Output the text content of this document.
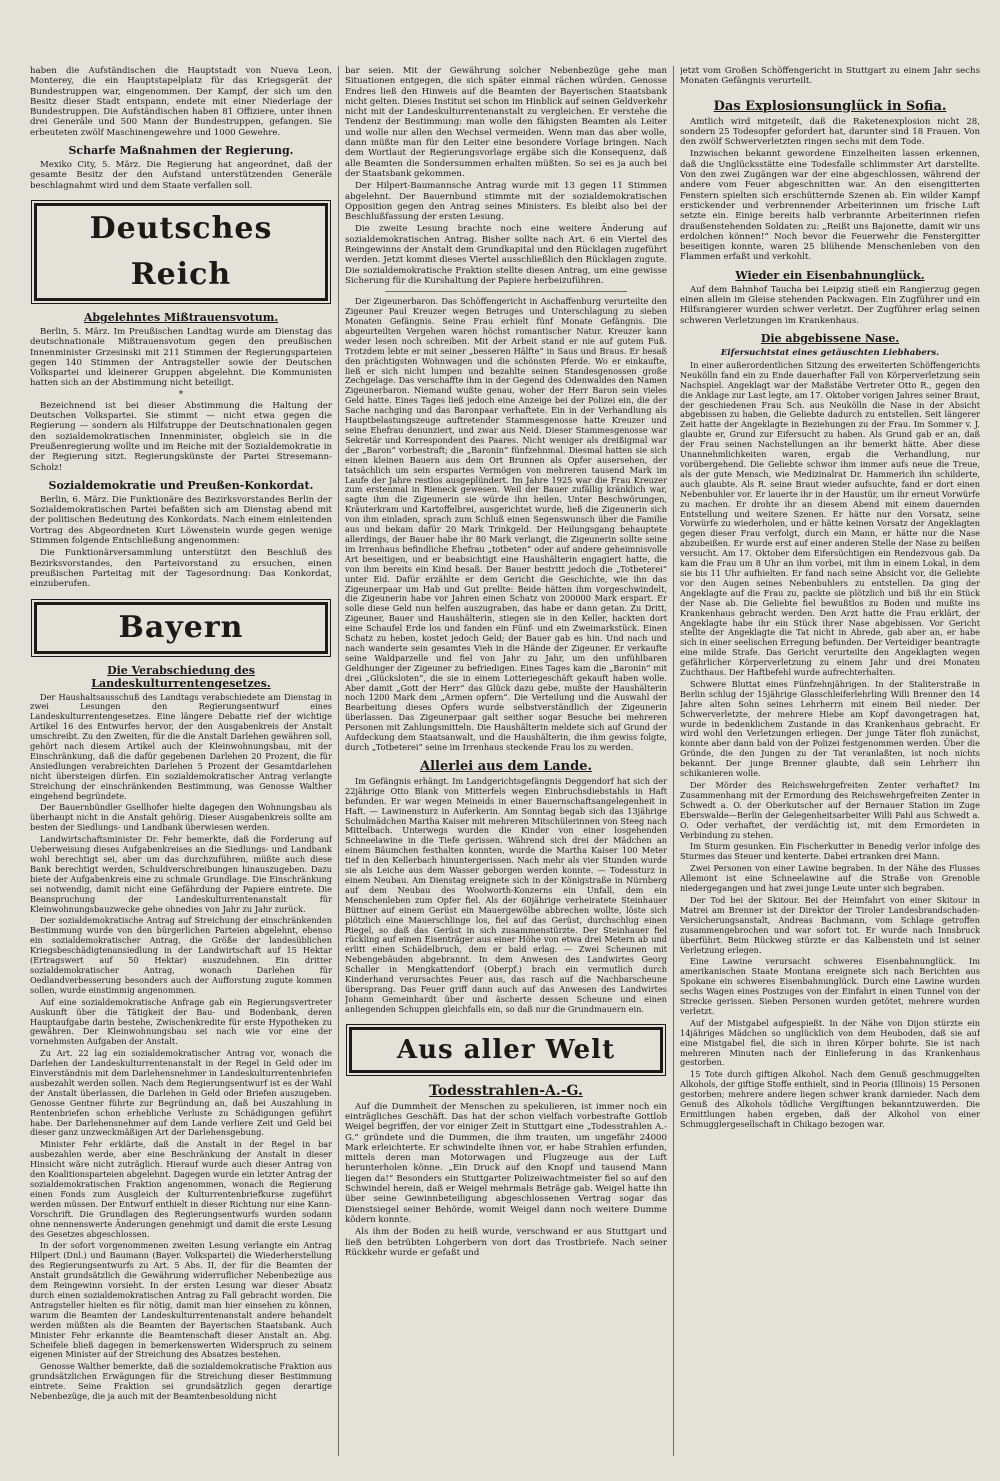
haben die Aufständischen die Hauptstadt von Nueva Leon, Monterey, die ein Hauptstapelplatz für das Kriegsgerät der Bundestruppen war, eingenommen. Der Kampf, der sich um den Besitz dieser Stadt entspann, endete mit einer Niederlage der Bundestruppen. Die Aufständischen haben 81 Offiziere, unter ihnen drei Generäle und 500 Mann der Bundestruppen, gefangen. Sie erbeuteten zwölf Maschinengewehre und 1000 Gewehre.

Scharfe Maßnahmen der Regierung.

Mexiko City, 5. März. Die Regierung hat angeordnet, daß der gesamte Besitz der den Aufstand unterstützenden Generäle beschlagnahmt wird und dem Staate verfallen soll.

Deutsches Reich
Abgelehntes Mißtrauensvotum.

Berlin, 5. März. Im Preußischen Landtag wurde am Dienstag das deutschnationale Mißtrauensvotum gegen den preußischen Innenminister Grzesinski mit 211 Stimmen der Regierungsparteien gegen 140 Stimmen der Antragsteller sowie der Deutschen Volkspartei und kleinerer Gruppen abgelehnt. Die Kommunisten hatten sich an der Abstimmung nicht beteiligt.

*

Bezeichnend ist bei dieser Abstimmung die Haltung der Deutschen Volkspartei. Sie stimmt — nicht etwa gegen die Regierung — sondern als Hilfstruppe der Deutschnationalen gegen den sozialdemokratischen Innenminister, obgleich sie in die Preußenregierung wollte und im Reiche mit der Sozialdemokratie in der Regierung sitzt. Regierungskünste der Partei Stresemann-Scholz!

Sozialdemokratie und Preußen-Konkordat.

Berlin, 6. März. Die Funktionäre des Bezirksvorstandes Berlin der Sozialdemokratischen Partei befaßten sich am Dienstag abend mit der politischen Bedeutung des Konkordats. Nach einem einleitenden Vortrag des Abgeordneten Kurt Löwenstein wurde gegen wenige Stimmen folgende Entschließung angenommen:

Die Funktionärversammlung unterstützt den Beschluß des Bezirksvorstandes, den Parteivorstand zu ersuchen, einen preußischen Parteitag mit der Tagesordnung: Das Konkordat, einzuberufen.

Bayern
Die Verabschiedung des Landeskulturrentengesetzes.

Der Haushaltsausschuß des Landtags verabschiedete am Dienstag in zwei Lesungen den Regierungsentwurf eines Landeskulturrentengesetzes. Eine längere Debatte rief der wichtige Artikel 16 des Entwurfes hervor, der den Ausgabenkreis der Anstalt umschreibt. Zu den Zweiten, für die die Anstalt Darlehen gewähren soll, gehört nach diesem Artikel auch der Kleinwohnungsbau, mit der Einschränkung, daß die dafür gegebenen Darlehen 20 Prozent, die für Ansiedlungen verabreichten Darlehen 5 Prozent der Gesamtdarlehen nicht übersteigen dürfen. Ein sozialdemokratischer Antrag verlangte Streichung der einschränkenden Bestimmung, was Genosse Walther eingehend begründete.

Der Bauernbündler Gsellhofer hielte dagegen den Wohnungsbau als überhaupt nicht in die Anstalt gehörig. Dieser Ausgabenkreis sollte am besten der Siedlungs- und Landbank überwiesen werden.

Landwirtschaftsminister Dr. Fehr bemerkte, daß die Forderung auf Ueberweisung dieses Aufgabenkreises an die Siedlungs- und Landbank wohl berechtigt sei, aber um das durchzuführen, müßte auch diese Bank berechtigt werden, Schuldverschreibungen hinauszugeben. Dazu biete der Aufgabenkreis eine zu schmale Grundlage. Die Einschränkung sei notwendig, damit nicht eine Gefährdung der Papiere eintrete. Die Beanspruchung der Landeskulturrentenanstalt für Kleinwohnungsbauzwecke gehe ohnedies von Jahr zu Jahr zurück.

Der sozialdemokratische Antrag auf Streichung der einschränkenden Bestimmung wurde von den bürgerlichen Parteien abgelehnt, ebenso ein sozialdemokratischer Antrag, die Größe der landesüblichen Kriegsbeschädigtenansiedlung in der Landwirtschaft auf 15 Hektar (Ertragswert auf 50 Hektar) auszudehnen. Ein dritter sozialdemokratischer Antrag, wonach Darlehen für Oedlandverbesserung besonders auch der Aufforstung zugute kommen sollen, wurde einstimmig angenommen.

Auf eine sozialdemokratische Anfrage gab ein Regierungsvertreter Auskunft über die Tätigkeit der Bau- und Bodenbank, deren Hauptaufgabe darin bestehe, Zwischenkredite für erste Hypotheken zu gewähren. Der Kleinwohnungsbau sei nach wie vor eine der vornehmsten Aufgaben der Anstalt.

Zu Art. 22 lag ein sozialdemokratischer Antrag vor, wonach die Darlehen der Landeskulturrentenanstalt in der Regel in Geld oder im Einverständnis mit dem Darlehensnehmer in Landeskulturrentenbriefen ausbezahlt werden sollen. Nach dem Regierungsentwurf ist es der Wahl der Anstalt überlassen, die Darlehen in Geld oder Briefen auszugeben. Genosse Gentner führte zur Begründung an, daß bei Auszahlung in Rentenbriefen schon erhebliche Verluste zu Schädigungen geführt habe. Der Darlehensnehmer auf dem Lande verliere Zeit und Geld bei dieser ganz unzweckmäßigen Art der Darlehensgebung.

Minister Fehr erklärte, daß die Anstalt in der Regel in bar ausbezahlen werde, aber eine Beschränkung der Anstalt in dieser Hinsicht wäre nicht zuträglich. Hierauf wurde auch dieser Antrag von den Koalitionsparteien abgelehnt. Dagegen wurde ein letzter Antrag der sozialdemokratischen Fraktion angenommen, wonach die Regierung einen Fonds zum Ausgleich der Kulturrentenbriefkurse zugeführt werden müssen. Der Entwurf enthielt in dieser Richtung nur eine Kann-Vorschrift. Die Grundlagen des Regierungsentwurfs wurden sodann ohne nennenswerte Änderungen genehmigt und damit die erste Lesung des Gesetzes abgeschlossen.

In der sofort vorgenommenen zweiten Lesung verlangte ein Antrag Hilpert (Dnl.) und Baumann (Bayer. Volkspartei) die Wiederherstellung des Regierungsentwurfs zu Art. 5 Abs. II, der für die Beamten der Anstalt grundsätzlich die Gewährung widerruflicher Nebenbezüge aus dem Reingewinn vorsieht. In der ersten Lesung war dieser Absatz durch einen sozialdemokratischen Antrag zu Fall gebracht worden. Die Antragsteller hielten es für nötig, damit man hier einsehen zu können, warum die Beamten der Landeskulturrentenanstalt andere behandelt werden müßten als die Beamten der Bayerischen Staatsbank. Auch Minister Fehr erkannte die Beamtenschaft dieser Anstalt an. Abg. Scheifele bließ dagegen in bemerkenswerten Widerspruch zu seinem eigenen Minister auf der Streichung des Absatzes bestehen.

Genosse Walther bemerkte, daß die sozialdemokratische Fraktion aus grundsätzlichen Erwägungen für die Streichung dieser Bestimmung eintrete. Seine Fraktion sei grundsätzlich gegen derartige Nebenbezüge, die ja auch mit der Beamtenbesoldung nicht

bar seien. Mit der Gewährung solcher Nebenbezüge gehe man Situationen entgegen, die sich später einmal rächen würden. Genosse Endres ließ den Hinweis auf die Beamten der Bayerischen Staatsbank nicht gelten. Dieses Institut sei schon im Hinblick auf seinen Geldverkehr nicht mit der Landeskulturrentenanstalt zu vergleichen. Er verstehe die Tendenz der Bestimmung: man wolle den fähigsten Beamten als Leiter und wolle nur allen den Wechsel vermeiden. Wenn man das aber wolle, dann müßte man für den Leiter eine besondere Vorlage bringen. Nach dem Wortlaut der Regierungsvorlage ergäbe sich die Konsequenz, daß alle Beamten die Sondersummen erhalten müßten. So sei es ja auch bei der Staatsbank gekommen.

Der Hilpert-Baumannsche Antrag wurde mit 13 gegen 11 Stimmen abgelehnt. Der Bauernbund stimmte mit der sozialdemokratischen Opposition gegen den Antrag seines Ministers. Es bleibt also bei der Beschlußfassung der ersten Lesung.

Die zweite Lesung brachte noch eine weitere Änderung auf sozialdemokratischen Antrag. Bisher sollte nach Art. 6 ein Viertel des Reingewinns der Anstalt dem Grundkapital und den Rücklagen zugeführt werden. Jetzt kommt dieses Viertel ausschließlich den Rücklagen zugute. Die sozialdemokratische Fraktion stellte diesen Antrag, um eine gewisse Sicherung für die Kurshaltung der Papiere herbeizuführen.

Der Zigeunerbaron. Das Schöffengericht in Aschaffenburg verurteilte den Zigeuner Paul Kreuzer wegen Betruges und Unterschlagung zu sieben Monaten Gefängnis. Seine Frau erhielt fünf Monate Gefängnis. Die abgeurteilten Vergehen waren höchst romantischer Natur. Kreuzer kann weder lesen noch schreiben. Mit der Arbeit stand er nie auf gutem Fuß. Trotzdem lebte er mit seiner „besseren Hälfte“ in Saus und Braus. Er besaß den prächtigsten Wohnwagen und die schönsten Pferde. Wo er einkaufte, ließ er sich nicht lumpen und bezahlte seinen Standesgenossen große Zechgelage. Das verschaffte ihm in der Gegend des Odenwaldes den Namen Zigeunerbaron. Niemand wußte genau, woher der Herr Baron sein vieles Geld hatte. Eines Tages ließ jedoch eine Anzeige bei der Polizei ein, die der Sache nachging und das Baronpaar verhaftete. Ein in der Verhandlung als Hauptbelastungszeuge auftretender Stammesgenosse hatte Kreuzer und seine Ehefrau denunziert, und zwar aus Neid. Dieser Stammesgenosse war Sekretär und Korrespondent des Paares. Nicht weniger als dreißigmal war der „Baron“ vorbestraft; die „Baronin“ fünfzehnmal. Diesmal hatten sie sich einen kleinen Bauern aus dem Ort Brunnen als Opfer ausersehen, der tatsächlich um sein erspartes Vermögen von mehreren tausend Mark im Laufe der Jahre restlos ausgeplündert. Im Jahre 1925 war die Frau Kreuzer zum erstenmal in Rieneck gewesen. Weil der Bauer zufällig kränklich war, sagte ihm die Zigeunerin sie würde ihn heilen. Unter Beschwörungen, Kräuterkram und Kartoffelbrei, ausgerichtet wurde, ließ die Zigeunerin sich von ihm einladen, sprach zum Schluß einen Segenswunsch über die Familie aus und bekam dafür 20 Mark Trinkgeld. Der Heilungsgang behauptete allerdings, der Bauer habe ihr 80 Mark verlangt, die Zigeunerin sollte seine im Irrenhaus befindliche Ehefrau „totbeten“ oder auf andere geheimnisvolle Art beseitigen, und er beabsichtigt eine Haushälterin engagiert hatte, die von ihm bereits ein Kind besaß. Der Bauer bestritt jedoch die „Totbeterei“ unter Eid. Dafür erzählte er dem Gericht die Geschichte, wie ihn das Zigeunerpaar um Hab und Gut prellte: Beide hätten ihm vorgeschwindelt, die Zigeunerin habe vor Jahren einen Schatz von 200000 Mark erspart. Er solle diese Geld nun helfen auszugraben, das habe er dann getan. Zu Dritt, Zigeuner, Bauer und Haushälterin, stiegen sie in den Keller, hackten dort eine Schaufel Erde los und fanden ein Fünf- und ein Zweimarkstück. Einen Schatz zu heben, kostet jedoch Geld; der Bauer gab es hin. Und nach und nach wanderte sein gesamtes Vieh in die Hände der Zigeuner. Er verkaufte seine Waldparzelle und fiel von Jahr zu Jahr, um den unfühlbaren Geldhunger der Zigeuner zu befriedigen. Eines Tages kam die „Baronin“ mit drei „Glücksloten“, die sie in einem Lotteriegeschäft gekauft haben wolle. Aber damit „Gott der Herr“ das Glück dazu gebe, mußte der Haushälterin noch 1200 Mark dem „Armen opfern“. Die Verteilung und die Auswahl der Bearbeitung dieses Opfers wurde selbstverständlich der Zigeunerin überlassen. Das Zigeunerpaar galt seither sogar Besuche bei mehreren Personen mit Zahlungsmitteln. Die Haushälterin meldete sich auf Grund der Aufdeckung dem Staatsanwalt, und die Haushälterin, die ihm gewiss folgte, durch „Totbeterei“ seine im Irrenhaus steckende Frau los zu werden.

Allerlei aus dem Lande.

Im Gefängnis erhängt. Im Landgerichtsgefängnis Deggendorf hat sich der 22jährige Otto Blank von Mitterfels wegen Einbruchsdiebstahls in Haft befunden. Er war wegen Meineids in einer Bauernschaftsangelegenheit in Haft. — Lawinensturz in Auferkerin. Am Sonntag begab sich das 13jährige Schulmädchen Martha Kaiser mit mehreren Mitschülerinnen von Steeg nach Mittelbach. Unterwegs wurden die Kinder von einer losgehenden Schneelawine in die Tiefe gerissen. Während sich drei der Mädchen an einem Bäumchen festhalten konnten, wurde die Martha Kaiser 100 Meter tief in den Kellerbach hinuntergerissen. Nach mehr als vier Stunden wurde sie als Leiche aus dem Wasser geborgen werden konnte. — Todessturz in einem Neubau. Am Dienstag ereignete sich in der Königstraße in Nürnberg auf dem Neubau des Woolworth-Konzerns ein Unfall, dem ein Menschenleben zum Opfer fiel. Als der 60jährige verheiratete Steinhauer Büttner auf einem Gerüst ein Mauergewölbe abbrechen wollte, löste sich plötzlich eine Mauerschlinge los, fiel auf das Gerüst, durchschlug einen Riegel, so daß das Gerüst in sich zusammenstürzte. Der Steinhauer fiel rückling auf einen Eisenträger aus einer Höhe von etwa drei Metern ab und erlitt einen Schädelbruch, dem er bald erlag. — Zwei Scheunen mit Nebengebäuden abgebrannt. In dem Anwesen des Landwirtes Georg Schaller in Mengkattendorf (Oberpf.) brach ein vermutlich durch Kinderhand verursachtes Feuer aus, das rasch auf die Nachbarscheune übersprang. Das Feuer griff dann auch auf das Anwesen des Landwirtes Johann Gemeinhardt über und äscherte dessen Scheune und einen anliegenden Schuppen gleichfalls ein, so daß nur die Grundmauern ein.

Aus aller Welt
Todesstrahlen-A.-G.

Auf die Dummheit der Menschen zu spekulieren, ist immer noch ein einträgliches Geschäft. Das hat der schon vielfach vorbestrafte Gottlob Weigel begriffen, der vor einiger Zeit in Stuttgart eine „Todesstrahlen A.-G.“ gründete und die Dummen, die ihm trauten, um ungefähr 24000 Mark erleichterte. Er schwindelte ihnen vor, er habe Strahlen erfunden, mittels deren man Motorwagen und Flugzeuge aus der Luft herunterholen könne. „Ein Druck auf den Knopf und tausend Mann liegen da!“ Besonders ein Stuttgarter Polizeiwachtmeister fiel so auf den Schwindel herein, daß er Weigel mehrmals Beträge gab. Weigel hatte ihn über seine Gewinnbeteiligung abgeschlossenen Vertrag sogar das Dienstsiegel seiner Behörde, womit Weigel dann noch weitere Dumme ködern konnte.

Als ihm der Boden zu heiß wurde, verschwand er aus Stuttgart und ließ den betrübten Lohgerbern von dort das Trostbriefe. Nach seiner Rückkehr wurde er gefaßt und

jetzt vom Großen Schöffengericht in Stuttgart zu einem Jahr sechs Monaten Gefängnis verurteilt.

Das Explosionsunglück in Sofia.

Amtlich wird mitgeteilt, daß die Raketenexplosion nicht 28, sondern 25 Todesopfer gefordert hat, darunter sind 18 Frauen. Von den zwölf Schwerverletzten ringen sechs mit dem Tode.

Inzwischen bekannt gewordene Einzelheiten lassen erkennen, daß die Unglücksstätte eine Todesfalle schlimmster Art darstellte. Von den zwei Zugängen war der eine abgeschlossen, während der andere vom Feuer abgeschnitten war. An den eisengitterten Fenstern spielten sich erschütternde Szenen ab. Ein wilder Kampf erstickender und verbrennender Arbeiterinnen um frische Luft setzte ein. Einige bereits halb verbrannte Arbeiterinnen riefen draußenstehenden Soldaten zu: „Reißt uns Bajonette, damit wir uns erdolchen können!“ Noch bevor die Feuerwehr die Fenstergitter beseitigen konnte, waren 25 blühende Menschenleben von den Flammen erfaßt und verkohlt.

Wieder ein Eisenbahnunglück.

Auf dem Bahnhof Taucha bei Leipzig stieß ein Rangierzug gegen einen allein im Gleise stehenden Packwagen. Ein Zugführer und ein Hilfsrangierer wurden schwer verletzt. Der Zugführer erlag seinen schweren Verletzungen im Krankenhaus.

Die abgebissene Nase.
Eifersuchtstat eines getäuschten Liebhabers.

In einer außerordentlichen Sitzung des erweiterten Schöffengerichts Neukölln fand ein zu Ende dauerhafter Fall von Körperverletzung sein Nachspiel. Angeklagt war der Maßstäbe Vertreter Otto R., gegen den die Anklage zur Last legte, am 17. Oktober vorigen Jahres seiner Braut, der geschiedenen Frau Sch. aus Neukölln die Nase in der Absicht abgebissen zu haben, die Geliebte dadurch zu entstellen. Seit längerer Zeit hatte der Angeklagte in Beziehungen zu der Frau. Im Sommer v. J. glaubte er, Grund zur Eifersucht zu haben. Als Grund gab er an, daß der Frau seinen Nachstellungen an ihr bemerkt hätte. Aber diese Unannehmlichkeiten waren, ergab die Verhandlung, nur vorübergehend. Die Geliebte schwor ihm immer aufs neue die Treue, als der gute Mensch, wie Medizinalrat Dr. Hammerich ihn schilderte, auch glaubte. Als R. seine Braut wieder aufsuchte, fand er dort einen Nebenbuhler vor. Er lauerte ihr in der Haustür, um ihr erneut Vorwürfe zu machen. Er drohte ihr an diesem Abend mit einem dauernden Entstellung und weitere Szenen. Er hätte nur den Vorsatz, seine Vorwürfe zu wiederholen, und er hätte keinen Vorsatz der Angeklagten gegen dieser Frau verfolgt, durch ein Mann, er hätte nur die Nase abzubeißen. Er wurde erst auf einer anderen Stelle der Nase zu beißen versucht. Am 17. Oktober dem Eifersüchtigen ein Rendezvous gab. Da kam die Frau um 8 Uhr an ihm vorbei, mit ihm in einem Lokal, in dem sie bis 11 Uhr aufhielten. Er fand nach seine Absicht vor, die Geliebte vor den Augen seines Nebenbuhlers zu entstellen. Da ging der Angeklagte auf die Frau zu, packte sie plötzlich und biß ihr ein Stück der Nase ab. Die Geliebte fiel bewußtlos zu Boden und mußte ins Krankenhaus gebracht werden. Den Arzt hatte die Frau erklärt, der Angeklagte habe ihr ein Stück ihrer Nase abgebissen. Vor Gericht stellte der Angeklagte die Tat nicht in Abrede, gab aber an, er habe sich in einer seelischen Erregung befunden. Der Verteidiger beantragte eine milde Strafe. Das Gericht verurteilte den Angeklagten wegen gefährlicher Körperverletzung zu einem Jahr und drei Monaten Zuchthaus. Der Haftbefehl wurde aufrechterhalten.

Schwere Bluttat eines Fünfzehnjährigen. In der Staliterstraße in Berlin schlug der 15jährige Glasschleiferlehrling Willi Brenner den 14 Jahre alten Sohn seines Lehrherrn mit einem Beil nieder. Der Schwerverletzte, der mehrere Hiebe am Kopf davongetragen hat, wurde in bedenklichem Zustande in das Krankenhaus gebracht. Er wird wohl den Verletzungen erliegen. Der junge Täter floh zunächst, konnte aber dann bald von der Polizei festgenommen werden. Über die Gründe, die den Jungen zu der Tat veranlaßten, ist noch nichts bekannt. Der junge Brenner glaubte, daß sein Lehrherr ihn schikanieren wolle.

Der Mörder des Reichswehrgefreiten Zenter verhaftet? Im Zusammenhang mit der Ermordung des Reichswehrgefreiten Zenter in Schwedt a. O. der Oberkutscher auf der Bernauer Station im Zuge Eberswalde—Berlin der Gelegenheitsarbeiter Willi Pahl aus Schwedt a. O. Oder verhaftet, der verdächtig ist, mit dem Ermordeten in Verbindung zu stehen.

Im Sturm gesunken. Ein Fischerkutter in Benedig verlor infolge des Sturmes das Steuer und kenterte. Dabei ertranken drei Mann.

Zwei Personen von einer Lawine begraben. In der Nähe des Flusses Allemont ist eine Schneelawine auf die Straße von Grenoble niedergegangen und hat zwei junge Leute unter sich begraben.

Der Tod bei der Skitour. Bei der Heimfahrt von einer Skitour in Matrei am Brenner ist der Direktor der Tiroler Landesbrandschaden-Versicherungsanstalt, Andreas Bachmann, vom Schlage getroffen zusammengebrochen und war sofort tot. Er wurde nach Innsbruck überführt. Beim Rückweg stürzte er das Kalbenstein und ist seiner Verletzung erlegen.

Eine Lawine verursacht schweres Eisenbahnunglück. Im amerikanischen Staate Montana ereignete sich nach Berichten aus Spokane ein schweres Eisenbahnunglück. Durch eine Lawine wurden sechs Wagen eines Postzuges von der Einfahrt in einen Tunnel von der Strecke gerissen. Sieben Personen wurden getötet, mehrere wurden verletzt.

Auf der Mistgabel aufgespießt. In der Nähe von Dijon stürzte ein 14jähriges Mädchen so unglücklich von dem Heuboden, daß sie auf eine Mistgabel fiel, die sich in ihren Körper bohrte. Sie ist nach mehreren Minuten nach der Einlieferung in das Krankenhaus gestorben.

15 Tote durch giftigen Alkohol. Nach dem Genuß geschmuggelten Alkohols, der giftige Stoffe enthielt, sind in Peoria (Illinois) 15 Personen gestorben; mehrere andere liegen schwer krank darnieder. Nach dem Genuß des Alkohols tödliche Vergiftungen bekanntzuwerden. Die Ermittlungen haben ergeben, daß der Alkohol von einer Schmugglergesellschaft in Chikago bezogen war.
